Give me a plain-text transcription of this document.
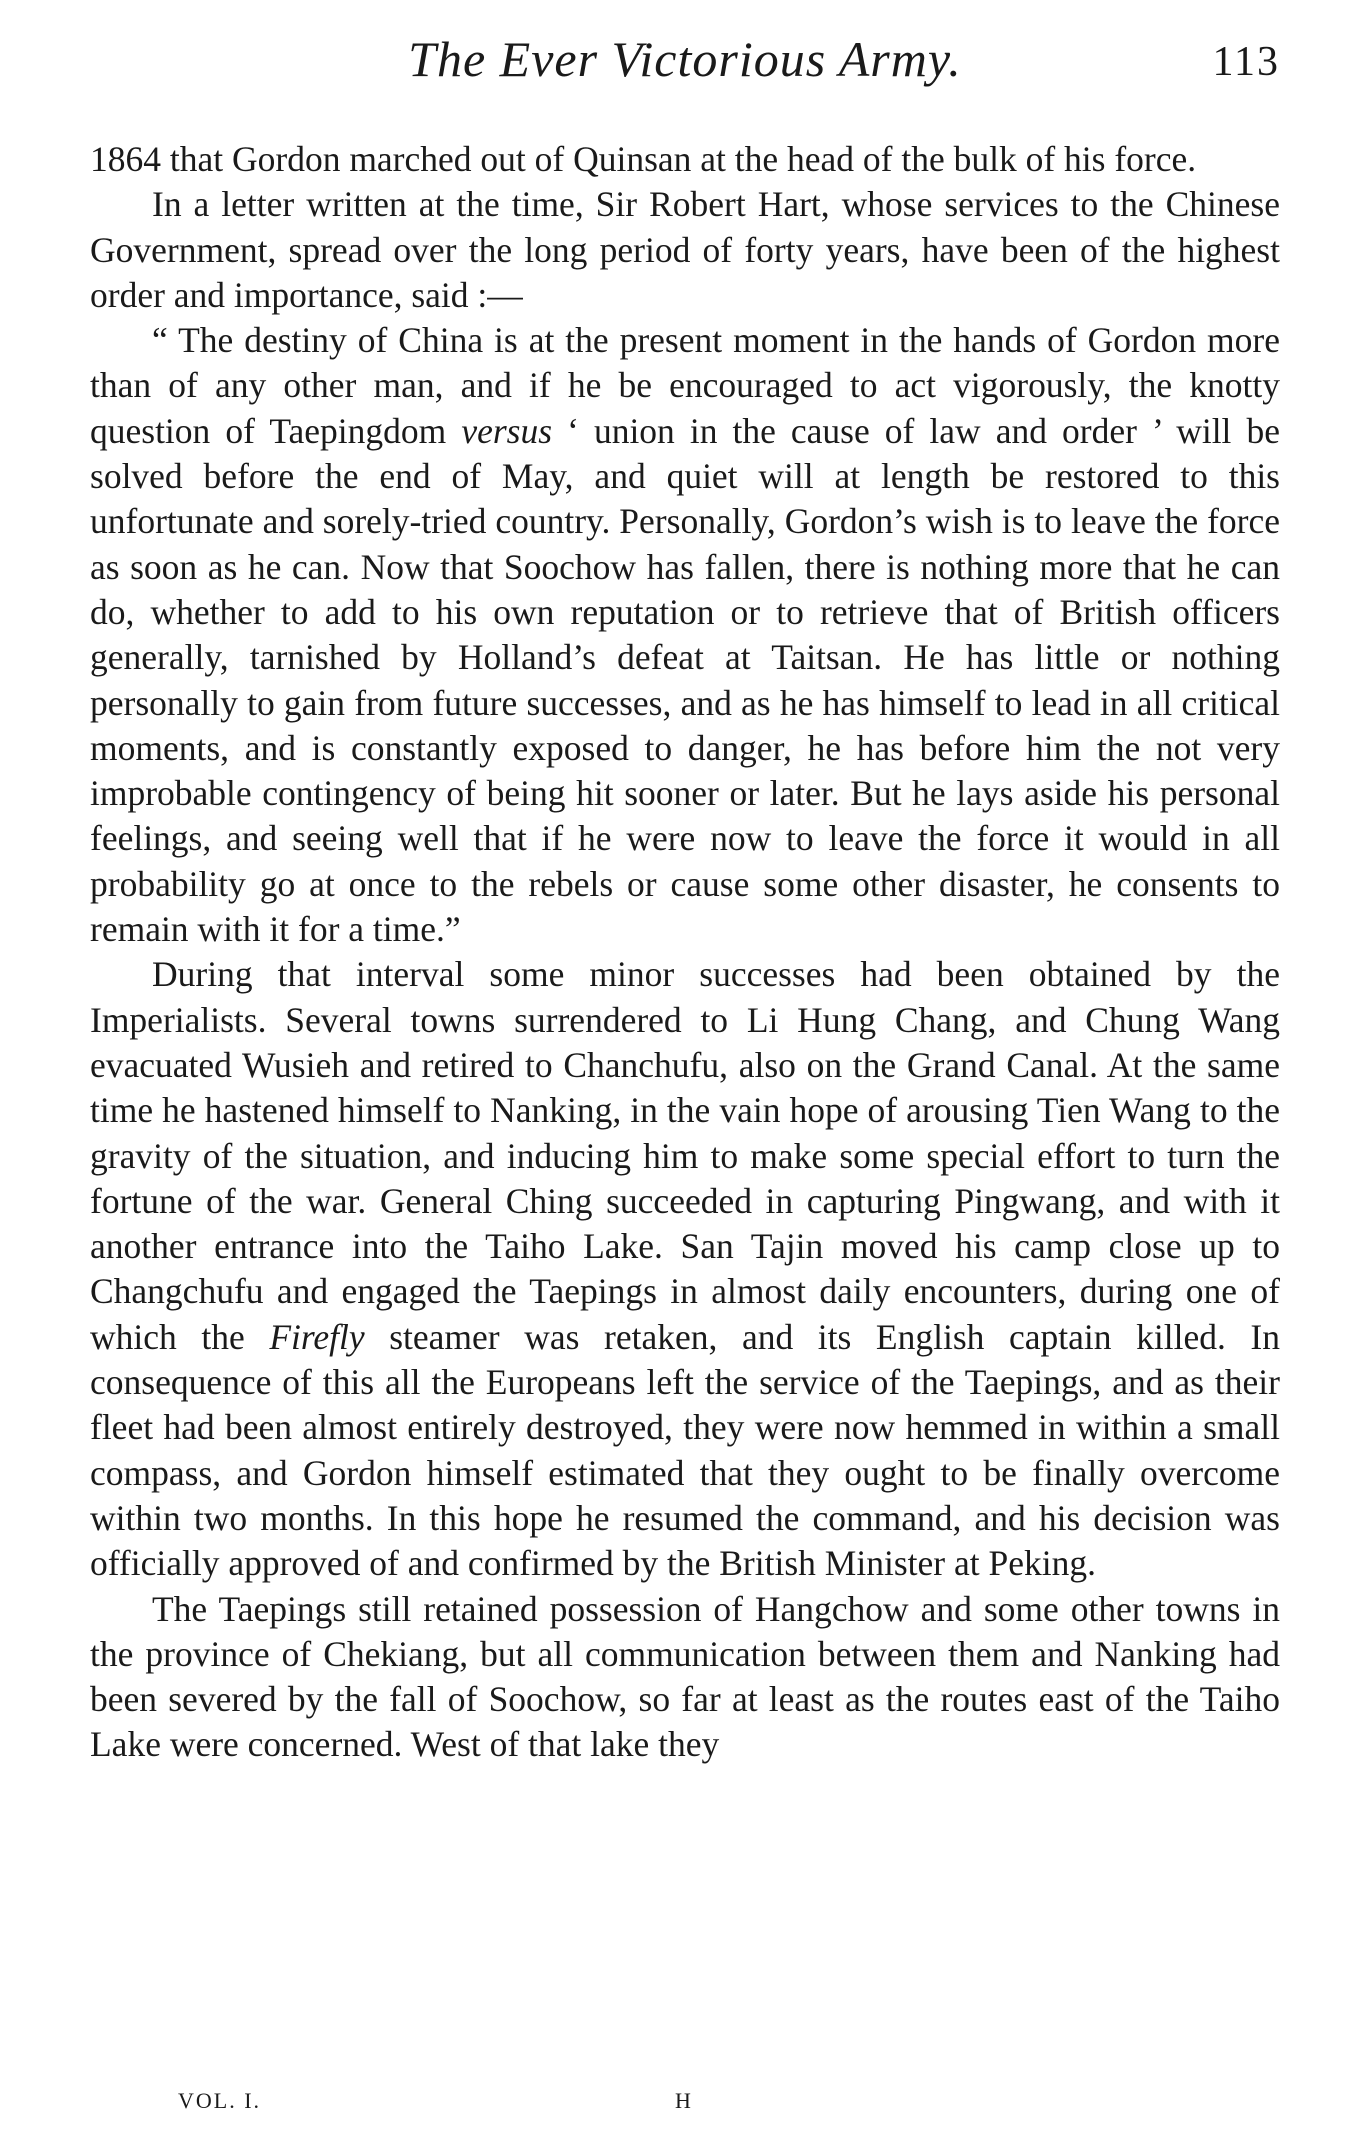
The Ever Victorious Army.	113

1864 that Gordon marched out of Quinsan at the head of the bulk of his force.

In a letter written at the time, Sir Robert Hart, whose services to the Chinese Government, spread over the long period of forty years, have been of the highest order and importance, said :—

“ The destiny of China is at the present moment in the hands of Gordon more than of any other man, and if he be encouraged to act vigorously, the knotty question of Taepingdom versus ‘ union in the cause of law and order ’ will be solved before the end of May, and quiet will at length be restored to this unfortunate and sorely-tried country. Personally, Gordon’s wish is to leave the force as soon as he can. Now that Soochow has fallen, there is nothing more that he can do, whether to add to his own reputation or to retrieve that of British officers generally, tarnished by Holland’s defeat at Taitsan. He has little or nothing personally to gain from future successes, and as he has himself to lead in all critical moments, and is constantly exposed to danger, he has before him the not very improbable contingency of being hit sooner or later. But he lays aside his personal feelings, and seeing well that if he were now to leave the force it would in all probability go at once to the rebels or cause some other disaster, he consents to remain with it for a time.”

During that interval some minor successes had been obtained by the Imperialists. Several towns surrendered to Li Hung Chang, and Chung Wang evacuated Wusieh and retired to Chanchufu, also on the Grand Canal. At the same time he hastened himself to Nanking, in the vain hope of arousing Tien Wang to the gravity of the situation, and inducing him to make some special effort to turn the fortune of the war. General Ching succeeded in capturing Pingwang, and with it another entrance into the Taiho Lake. San Tajin moved his camp close up to Changchufu and engaged the Taepings in almost daily encounters, during one of which the Firefly steamer was retaken, and its English captain killed. In consequence of this all the Europeans left the service of the Taepings, and as their fleet had been almost entirely destroyed, they were now hemmed in within a small compass, and Gordon himself estimated that they ought to be finally overcome within two months. In this hope he resumed the command, and his decision was officially approved of and confirmed by the British Minister at Peking.

The Taepings still retained possession of Hangchow and some other towns in the province of Chekiang, but all communication between them and Nanking had been severed by the fall of Soochow, so far at least as the routes east of the Taiho Lake were concerned. West of that lake they

VOL. I.	H
